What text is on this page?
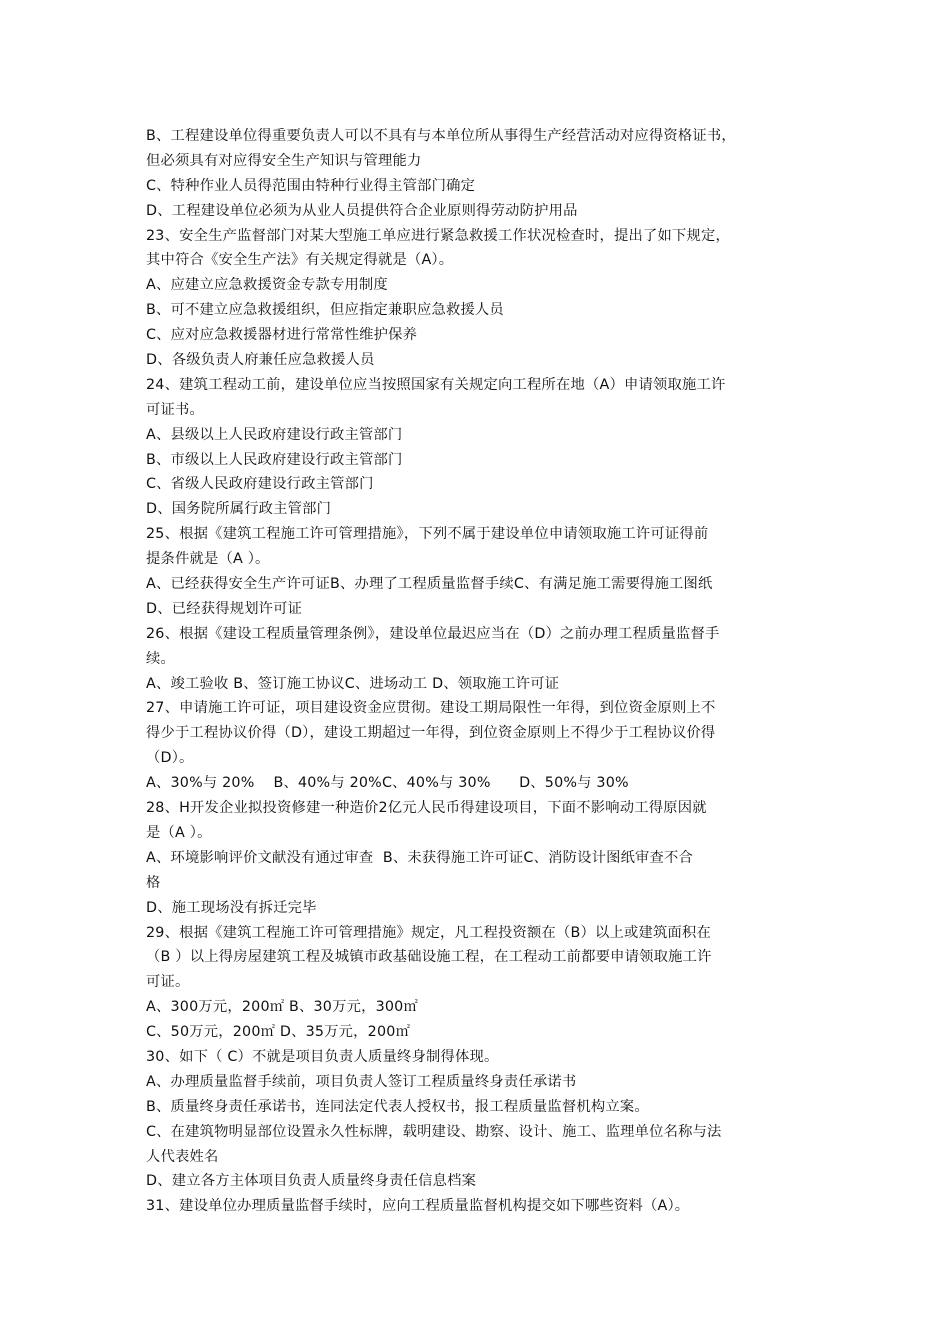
B、工程建设单位得重要负责人可以不具有与本单位所从事得生产经营活动对应得资格证书，
但必须具有对应得安全生产知识与管理能力
C、特种作业人员得范围由特种行业得主管部门确定
D、工程建设单位必须为从业人员提供符合企业原则得劳动防护用品
23、安全生产监督部门对某大型施工单应进行紧急救援工作状况检查时，提出了如下规定，
其中符合《安全生产法》有关规定得就是（A）。
A、应建立应急救援资金专款专用制度
B、可不建立应急救援组织，但应指定兼职应急救援人员
C、应对应急救援器材进行常常性维护保养
D、各级负责人府兼任应急救援人员
24、建筑工程动工前，建设单位应当按照国家有关规定向工程所在地（A）申请领取施工许
可证书。
A、县级以上人民政府建设行政主管部门
B、市级以上人民政府建设行政主管部门
C、省级人民政府建设行政主管部门
D、国务院所属行政主管部门
25、根据《建筑工程施工许可管理措施》，下列不属于建设单位申请领取施工许可证得前
提条件就是（A ）。
A、已经获得安全生产许可证B、办理了工程质量监督手续C、有满足施工需要得施工图纸
D、已经获得规划许可证
26、根据《建设工程质量管理条例》，建设单位最迟应当在（D）之前办理工程质量监督手
续。
A、竣工验收 B、签订施工协议C、进场动工 D、领取施工许可证
27、申请施工许可证，项目建设资金应贯彻。建设工期局限性一年得，到位资金原则上不
得少于工程协议价得（D），建设工期超过一年得，到位资金原则上不得少于工程协议价得
（D）。
A、30%与 20%    B、40%与 20%C、40%与 30%      D、50%与 30%
28、H开发企业拟投资修建一种造价2亿元人民币得建设项目，下面不影响动工得原因就
是（A ）。
A、环境影响评价文献没有通过审查  B、未获得施工许可证C、消防设计图纸审查不合
格
D、施工现场没有拆迁完毕
29、根据《建筑工程施工许可管理措施》规定，凡工程投资额在（B）以上或建筑面积在
（B ）以上得房屋建筑工程及城镇市政基础设施工程，在工程动工前都要申请领取施工许
可证。
A、300万元，200㎡ B、30万元，300㎡
C、50万元，200㎡ D、35万元，200㎡
30、如下（ C）不就是项目负责人质量终身制得体现。
A、办理质量监督手续前，项目负责人签订工程质量终身责任承诺书
B、质量终身责任承诺书，连同法定代表人授权书，报工程质量监督机构立案。
C、在建筑物明显部位设置永久性标牌，载明建设、勘察、设计、施工、监理单位名称与法
人代表姓名
D、建立各方主体项目负责人质量终身责任信息档案
31、建设单位办理质量监督手续时，应向工程质量监督机构提交如下哪些资料（A）。
